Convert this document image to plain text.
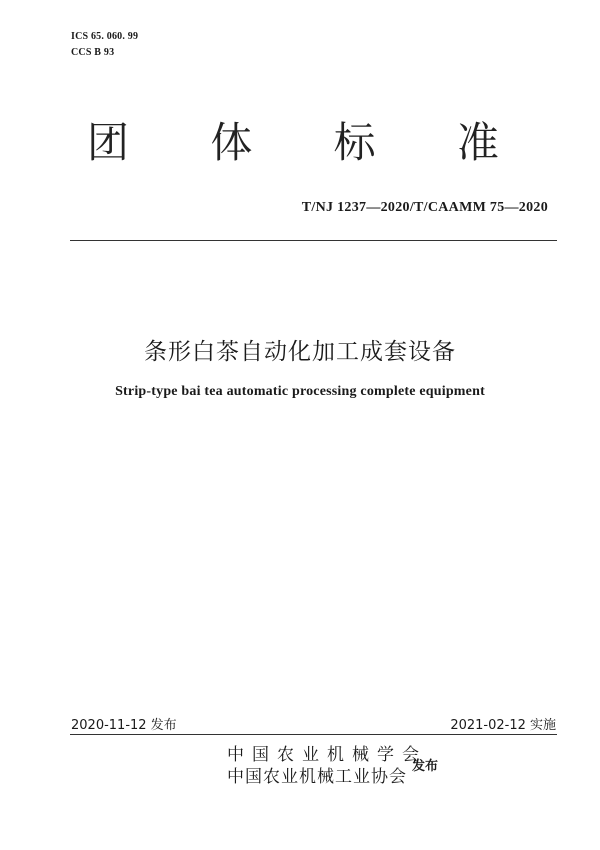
ICS 65. 060. 99
CCS B 93
团 体 标 准
T/NJ 1237—2020/T/CAAMM 75—2020
条形白茶自动化加工成套设备
Strip-type bai tea automatic processing complete equipment
2020-11-12 发布	2021-02-12 实施
中国农业机械学会
中国农业机械工业协会
发布
